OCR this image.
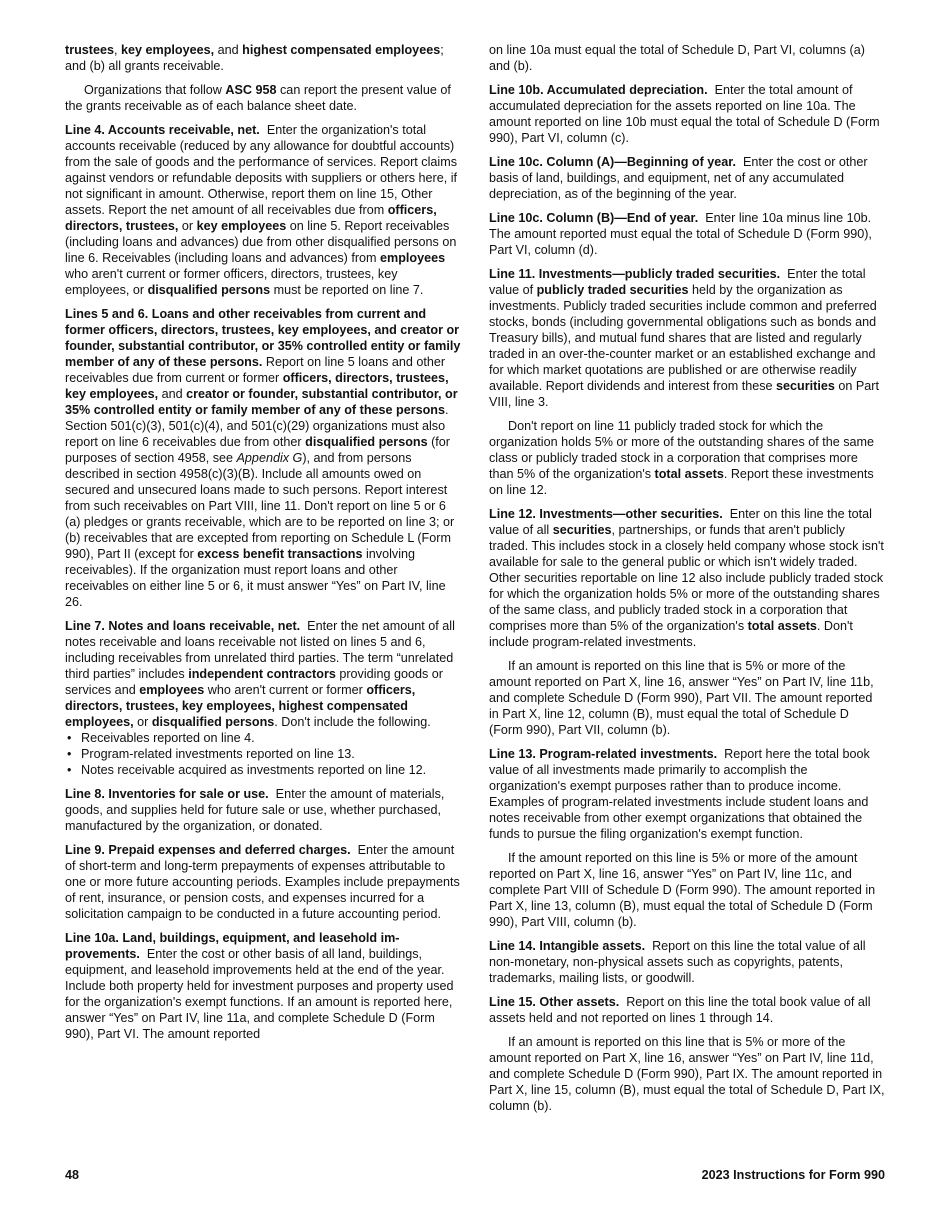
trustees, key employees, and highest compensated employees; and (b) all grants receivable.

Organizations that follow ASC 958 can report the present value of the grants receivable as of each balance sheet date.

Line 4. Accounts receivable, net. Enter the organization's total accounts receivable (reduced by any allowance for doubtful accounts) from the sale of goods and the performance of services. Report claims against vendors or refundable deposits with suppliers or others here, if not significant in amount. Otherwise, report them on line 15, Other assets. Report the net amount of all receivables due from officers, directors, trustees, or key employees on line 5. Report receivables (including loans and advances) due from other disqualified persons on line 6. Receivables (including loans and advances) from employees who aren't current or former officers, directors, trustees, key employees, or disqualified persons must be reported on line 7.

Lines 5 and 6. Loans and other receivables from current and former officers, directors, trustees, key employees, and creator or founder, substantial contributor, or 35% controlled entity or family member of any of these persons. Report on line 5 loans and other receivables due from current or former officers, directors, trustees, key employees, and creator or founder, substantial contributor, or 35% controlled entity or family member of any of these persons. Section 501(c)(3), 501(c)(4), and 501(c)(29) organizations must also report on line 6 receivables due from other disqualified persons (for purposes of section 4958, see Appendix G), and from persons described in section 4958(c)(3)(B). Include all amounts owed on secured and unsecured loans made to such persons. Report interest from such receivables on Part VIII, line 11. Don't report on line 5 or 6 (a) pledges or grants receivable, which are to be reported on line 3; or (b) receivables that are excepted from reporting on Schedule L (Form 990), Part II (except for excess benefit transactions involving receivables). If the organization must report loans and other receivables on either line 5 or 6, it must answer “Yes” on Part IV, line 26.

Line 7. Notes and loans receivable, net. Enter the net amount of all notes receivable and loans receivable not listed on lines 5 and 6, including receivables from unrelated third parties. The term “unrelated third parties” includes independent contractors providing goods or services and employees who aren't current or former officers, directors, trustees, key employees, highest compensated employees, or disqualified persons. Don't include the following.

• Receivables reported on line 4.
• Program-related investments reported on line 13.
• Notes receivable acquired as investments reported on line 12.

Line 8. Inventories for sale or use. Enter the amount of materials, goods, and supplies held for future sale or use, whether purchased, manufactured by the organization, or donated.

Line 9. Prepaid expenses and deferred charges. Enter the amount of short-term and long-term prepayments of expenses attributable to one or more future accounting periods. Examples include prepayments of rent, insurance, or pension costs, and expenses incurred for a solicitation campaign to be conducted in a future accounting period.

Line 10a. Land, buildings, equipment, and leasehold im-provements. Enter the cost or other basis of all land, buildings, equipment, and leasehold improvements held at the end of the year. Include both property held for investment purposes and property used for the organization's exempt functions. If an amount is reported here, answer “Yes” on Part IV, line 11a, and complete Schedule D (Form 990), Part VI. The amount reported

on line 10a must equal the total of Schedule D, Part VI, columns (a) and (b).

Line 10b. Accumulated depreciation. Enter the total amount of accumulated depreciation for the assets reported on line 10a. The amount reported on line 10b must equal the total of Schedule D (Form 990), Part VI, column (c).

Line 10c. Column (A)—Beginning of year. Enter the cost or other basis of land, buildings, and equipment, net of any accumulated depreciation, as of the beginning of the year.

Line 10c. Column (B)—End of year. Enter line 10a minus line 10b. The amount reported must equal the total of Schedule D (Form 990), Part VI, column (d).

Line 11. Investments—publicly traded securities. Enter the total value of publicly traded securities held by the organization as investments. Publicly traded securities include common and preferred stocks, bonds (including governmental obligations such as bonds and Treasury bills), and mutual fund shares that are listed and regularly traded in an over-the-counter market or an established exchange and for which market quotations are published or are otherwise readily available. Report dividends and interest from these securities on Part VIII, line 3.

Don't report on line 11 publicly traded stock for which the organization holds 5% or more of the outstanding shares of the same class or publicly traded stock in a corporation that comprises more than 5% of the organization's total assets. Report these investments on line 12.

Line 12. Investments—other securities. Enter on this line the total value of all securities, partnerships, or funds that aren't publicly traded. This includes stock in a closely held company whose stock isn't available for sale to the general public or which isn't widely traded. Other securities reportable on line 12 also include publicly traded stock for which the organization holds 5% or more of the outstanding shares of the same class, and publicly traded stock in a corporation that comprises more than 5% of the organization's total assets. Don't include program-related investments.

If an amount is reported on this line that is 5% or more of the amount reported on Part X, line 16, answer “Yes” on Part IV, line 11b, and complete Schedule D (Form 990), Part VII. The amount reported in Part X, line 12, column (B), must equal the total of Schedule D (Form 990), Part VII, column (b).

Line 13. Program-related investments. Report here the total book value of all investments made primarily to accomplish the organization's exempt purposes rather than to produce income. Examples of program-related investments include student loans and notes receivable from other exempt organizations that obtained the funds to pursue the filing organization's exempt function.

If the amount reported on this line is 5% or more of the amount reported on Part X, line 16, answer “Yes” on Part IV, line 11c, and complete Part VIII of Schedule D (Form 990). The amount reported in Part X, line 13, column (B), must equal the total of Schedule D (Form 990), Part VIII, column (b).

Line 14. Intangible assets. Report on this line the total value of all non-monetary, non-physical assets such as copyrights, patents, trademarks, mailing lists, or goodwill.

Line 15. Other assets. Report on this line the total book value of all assets held and not reported on lines 1 through 14.

If an amount is reported on this line that is 5% or more of the amount reported on Part X, line 16, answer “Yes” on Part IV, line 11d, and complete Schedule D (Form 990), Part IX. The amount reported in Part X, line 15, column (B), must equal the total of Schedule D, Part IX, column (b).

48	2023 Instructions for Form 990
